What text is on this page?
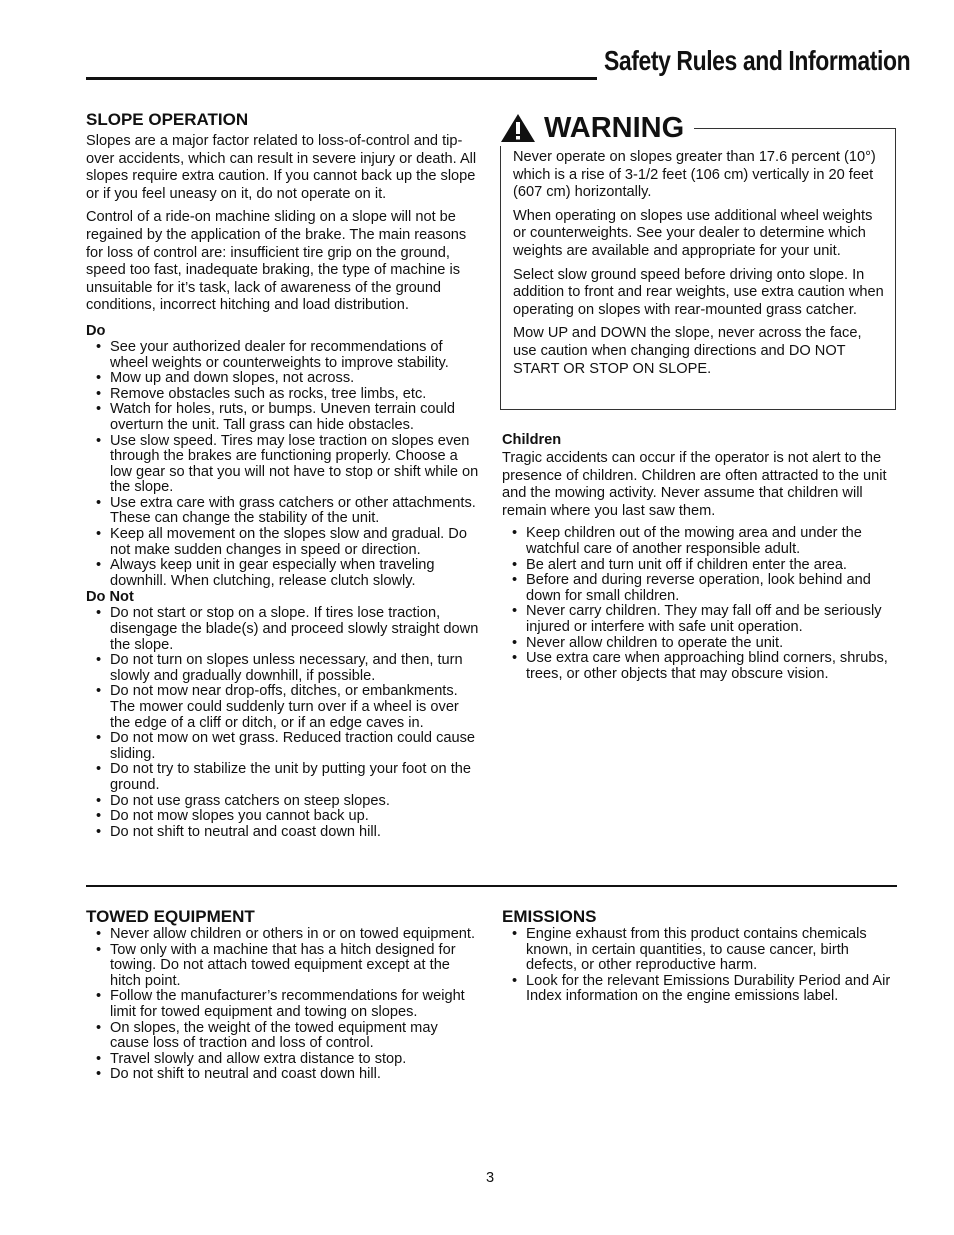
Safety Rules and Information
SLOPE OPERATION

Slopes are a major factor related to loss-of-control and tip-over accidents, which can result in severe injury or death. All slopes require extra caution. If you cannot back up the slope or if you feel uneasy on it, do not operate on it.

Control of a ride-on machine sliding on a slope will not be regained by the application of the brake. The main reasons for loss of control are: insufficient tire grip on the ground, speed too fast, inadequate braking, the type of machine is unsuitable for it’s task, lack of awareness of the ground conditions, incorrect hitching and load distribution.

Do
• See your authorized dealer for recommendations of wheel weights or counterweights to improve stability.
• Mow up and down slopes, not across.
• Remove obstacles such as rocks, tree limbs, etc.
• Watch for holes, ruts, or bumps. Uneven terrain could overturn the unit. Tall grass can hide obstacles.
• Use slow speed. Tires may lose traction on slopes even through the brakes are functioning properly. Choose a low gear so that you will not have to stop or shift while on the slope.
• Use extra care with grass catchers or other attachments. These can change the stability of the unit.
• Keep all movement on the slopes slow and gradual. Do not make sudden changes in speed or direction.
• Always keep unit in gear especially when traveling downhill. When clutching, release clutch slowly.
Do Not
• Do not start or stop on a slope. If tires lose traction, disengage the blade(s) and proceed slowly straight down the slope.
• Do not turn on slopes unless necessary, and then, turn slowly and gradually downhill, if possible.
• Do not mow near drop-offs, ditches, or embankments. The mower could suddenly turn over if a wheel is over the edge of a cliff or ditch, or if an edge caves in.
• Do not mow on wet grass. Reduced traction could cause sliding.
• Do not try to stabilize the unit by putting your foot on the ground.
• Do not use grass catchers on steep slopes.
• Do not mow slopes you cannot back up.
• Do not shift to neutral and coast down hill.
WARNING

Never operate on slopes greater than 17.6 percent (10°) which is a rise of 3-1/2 feet (106 cm) vertically in 20 feet (607 cm) horizontally.

When operating on slopes use additional wheel weights or counterweights. See your dealer to determine which weights are available and appropriate for your unit.

Select slow ground speed before driving onto slope. In addition to front and rear weights, use extra caution when operating on slopes with rear-mounted grass catcher.

Mow UP and DOWN the slope, never across the face, use caution when changing directions and DO NOT START OR STOP ON SLOPE.

Children

Tragic accidents can occur if the operator is not alert to the presence of children. Children are often attracted to the unit and the mowing activity. Never assume that children will remain where you last saw them.

• Keep children out of the mowing area and under the watchful care of another responsible adult.
• Be alert and turn unit off if children enter the area.
• Before and during reverse operation, look behind and down for small children.
• Never carry children. They may fall off and be seriously injured or interfere with safe unit operation.
• Never allow children to operate the unit.
• Use extra care when approaching blind corners, shrubs, trees, or other objects that may obscure vision.
TOWED EQUIPMENT
• Never allow children or others in or on towed equipment.
• Tow only with a machine that has a hitch designed for towing. Do not attach towed equipment except at the hitch point.
• Follow the manufacturer’s recommendations for weight limit for towed equipment and towing on slopes.
• On slopes, the weight of the towed equipment may cause loss of traction and loss of control.
• Travel slowly and allow extra distance to stop.
• Do not shift to neutral and coast down hill.
EMISSIONS
• Engine exhaust from this product contains chemicals known, in certain quantities, to cause cancer, birth defects, or other reproductive harm.
• Look for the relevant Emissions Durability Period and Air Index information on the engine emissions label.
3
